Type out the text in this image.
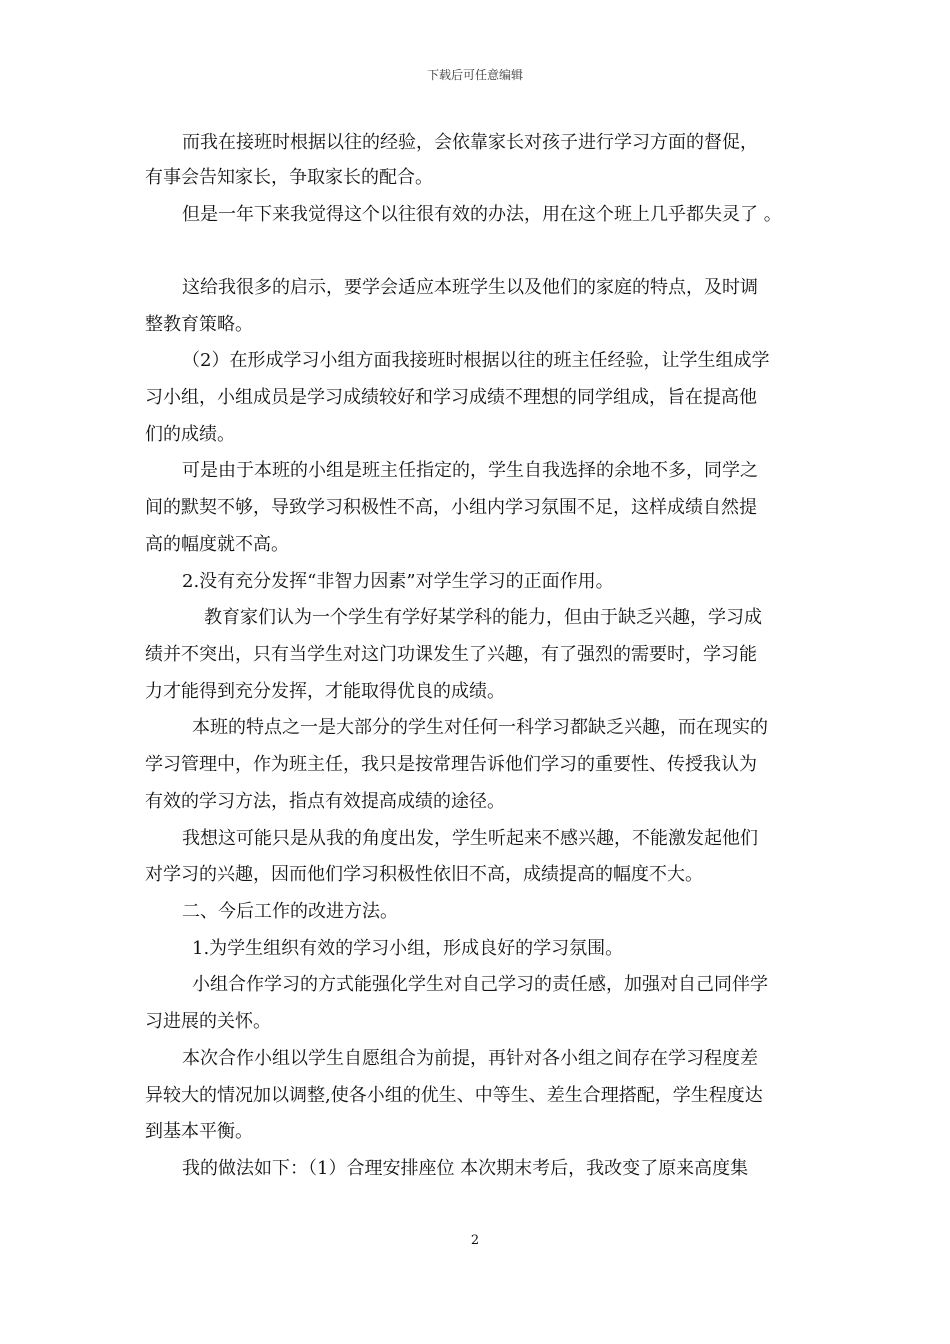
下载后可任意编辑
而我在接班时根据以往的经验，会依靠家长对孩子进行学习方面的督促，
有事会告知家长，争取家长的配合。
但是一年下来我觉得这个以往很有效的办法，用在这个班上几乎都失灵了 。
这给我很多的启示，要学会适应本班学生以及他们的家庭的特点，及时调
整教育策略。
（2）在形成学习小组方面我接班时根据以往的班主任经验，让学生组成学
习小组，小组成员是学习成绩较好和学习成绩不理想的同学组成，旨在提高他
们的成绩。
可是由于本班的小组是班主任指定的，学生自我选择的余地不多，同学之
间的默契不够，导致学习积极性不高，小组内学习氛围不足，这样成绩自然提
高的幅度就不高。
2.没有充分发挥“非智力因素”对学生学习的正面作用。
教育家们认为一个学生有学好某学科的能力，但由于缺乏兴趣，学习成
绩并不突出，只有当学生对这门功课发生了兴趣，有了强烈的需要时，学习能
力才能得到充分发挥，才能取得优良的成绩。
本班的特点之一是大部分的学生对任何一科学习都缺乏兴趣，而在现实的
学习管理中，作为班主任，我只是按常理告诉他们学习的重要性、传授我认为
有效的学习方法，指点有效提高成绩的途径。
我想这可能只是从我的角度出发，学生听起来不感兴趣，不能激发起他们
对学习的兴趣，因而他们学习积极性依旧不高，成绩提高的幅度不大。
二、今后工作的改进方法。
1.为学生组织有效的学习小组，形成良好的学习氛围。
小组合作学习的方式能强化学生对自己学习的责任感，加强对自己同伴学
习进展的关怀。
本次合作小组以学生自愿组合为前提，再针对各小组之间存在学习程度差
异较大的情况加以调整,使各小组的优生、中等生、差生合理搭配，学生程度达
到基本平衡。
我的做法如下：（1）合理安排座位 本次期末考后，我改变了原来高度集
2
